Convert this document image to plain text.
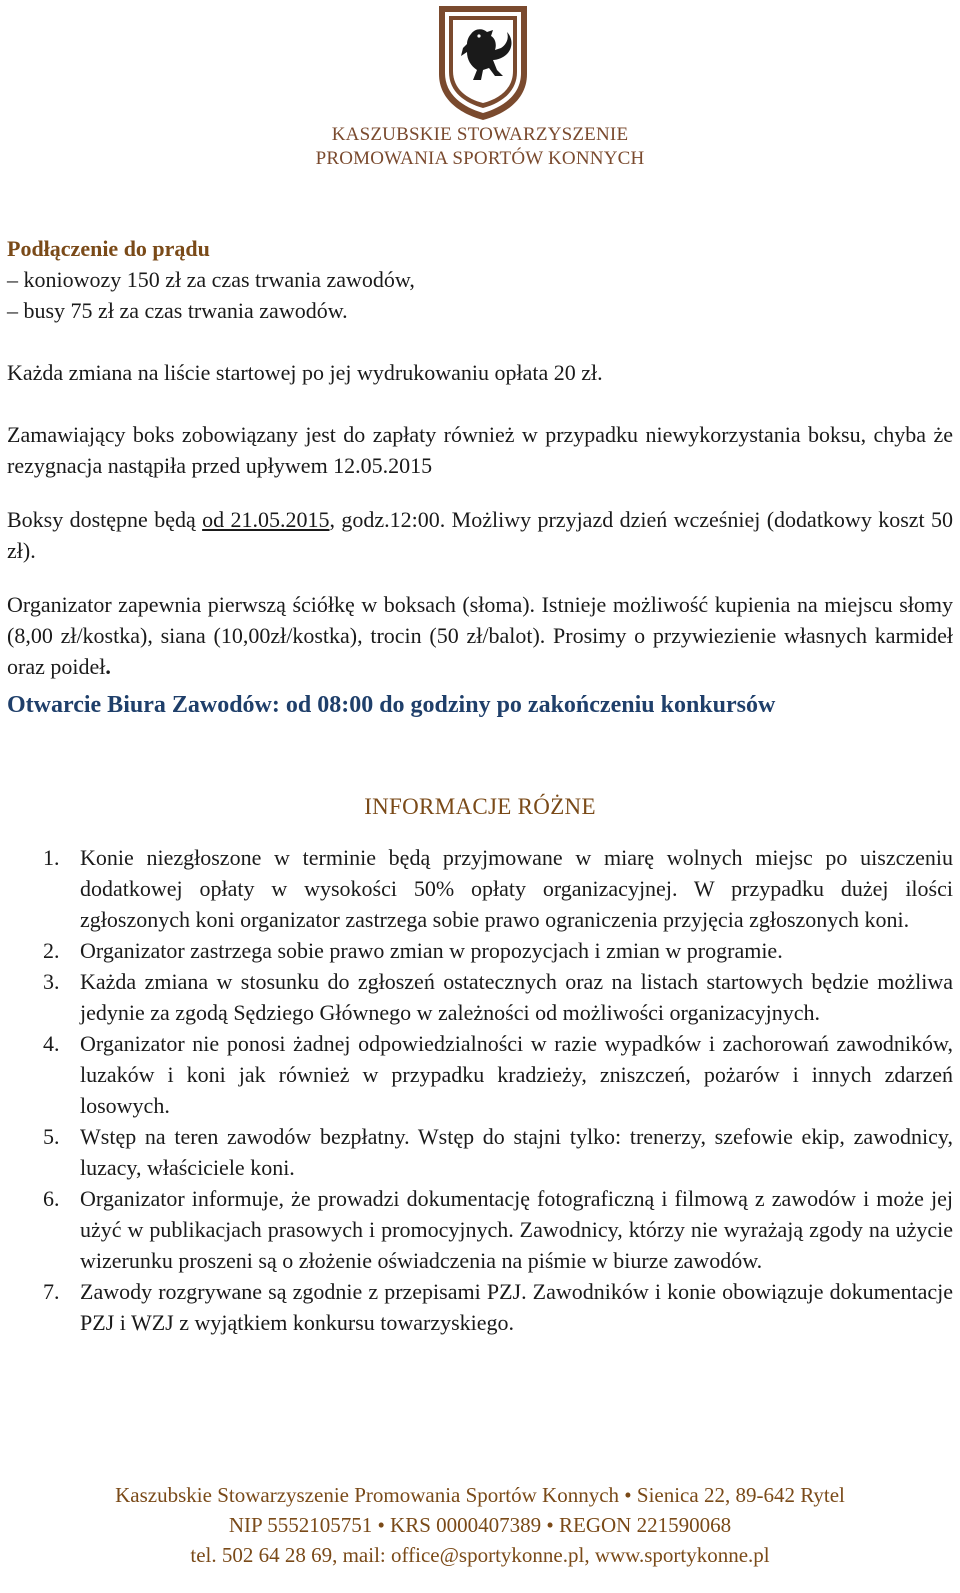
KASZUBSKIE STOWARZYSZENIE
PROMOWANIA SPORTÓW KONNYCH

Podłączenie do prądu

– koniowozy 150 zł za czas trwania zawodów,

– busy 75 zł za czas trwania zawodów.

Każda zmiana na liście startowej po jej wydrukowaniu opłata 20 zł.

Zamawiający boks zobowiązany jest do zapłaty również w przypadku niewykorzystania boksu, chyba że rezygnacja nastąpiła przed upływem 12.05.2015

Boksy dostępne będą od 21.05.2015, godz.12:00. Możliwy przyjazd dzień wcześniej (dodatkowy koszt 50 zł).

Organizator zapewnia pierwszą ściółkę w boksach (słoma). Istnieje możliwość kupienia na miejscu słomy (8,00 zł/kostka), siana (10,00zł/kostka), trocin (50 zł/balot). Prosimy o przywiezienie własnych karmideł oraz poideł.

Otwarcie Biura Zawodów: od 08:00 do godziny po zakończeniu konkursów
INFORMACJE RÓŻNE
1. Konie niezgłoszone w terminie będą przyjmowane w miarę wolnych miejsc po uiszczeniu dodatkowej opłaty w wysokości 50% opłaty organizacyjnej. W przypadku dużej ilości zgłoszonych koni organizator zastrzega sobie prawo ograniczenia przyjęcia zgłoszonych koni.
2. Organizator zastrzega sobie prawo zmian w propozycjach i zmian w programie.
3. Każda zmiana w stosunku do zgłoszeń ostatecznych oraz na listach startowych będzie możliwa jedynie za zgodą Sędziego Głównego w zależności od możliwości organizacyjnych.
4. Organizator nie ponosi żadnej odpowiedzialności w razie wypadków i zachorowań zawodników, luzaków i koni jak również w przypadku kradzieży, zniszczeń, pożarów i innych zdarzeń losowych.
5. Wstęp na teren zawodów bezpłatny. Wstęp do stajni tylko: trenerzy, szefowie ekip, zawodnicy, luzacy, właściciele koni.
6. Organizator informuje, że prowadzi dokumentację fotograficzną i filmową z zawodów i może jej użyć w publikacjach prasowych i promocyjnych. Zawodnicy, którzy nie wyrażają zgody na użycie wizerunku proszeni są o złożenie oświadczenia na piśmie w biurze zawodów.
7. Zawody rozgrywane są zgodnie z przepisami PZJ. Zawodników i konie obowiązuje dokumentacje PZJ i WZJ z wyjątkiem konkursu towarzyskiego.
Kaszubskie Stowarzyszenie Promowania Sportów Konnych • Sienica 22, 89-642 Rytel
NIP 5552105751 • KRS 0000407389 • REGON 221590068
tel. 502 64 28 69, mail: office@sportykonne.pl, www.sportykonne.pl
